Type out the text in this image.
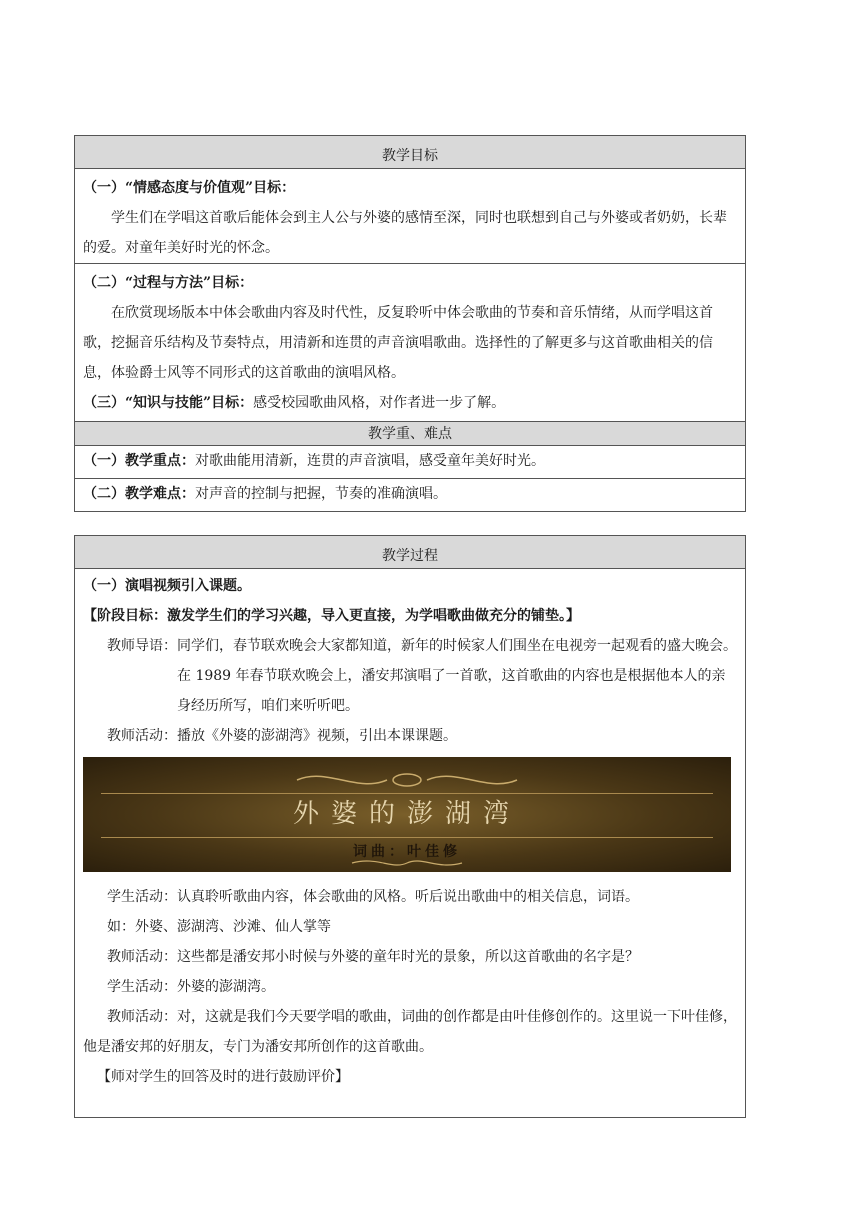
教学目标

（一）“情感态度与价值观”目标：

学生们在学唱这首歌后能体会到主人公与外婆的感情至深，同时也联想到自己与外婆或者奶奶，长辈的爱。对童年美好时光的怀念。

（二）“过程与方法”目标：

在欣赏现场版本中体会歌曲内容及时代性，反复聆听中体会歌曲的节奏和音乐情绪，从而学唱这首歌，挖掘音乐结构及节奏特点，用清新和连贯的声音演唱歌曲。选择性的了解更多与这首歌曲相关的信息，体验爵士风等不同形式的这首歌曲的演唱风格。

（三）“知识与技能”目标：感受校园歌曲风格，对作者进一步了解。

教学重、难点

（一）教学重点：对歌曲能用清新，连贯的声音演唱，感受童年美好时光。

（二）教学难点：对声音的控制与把握，节奏的准确演唱。

教学过程

（一）演唱视频引入课题。

【阶段目标：激发学生们的学习兴趣，导入更直接，为学唱歌曲做充分的铺垫。】

教师导语： 同学们，春节联欢晚会大家都知道，新年的时候家人们围坐在电视旁一起观看的盛大晚会。在 1989 年春节联欢晚会上，潘安邦演唱了一首歌，这首歌曲的内容也是根据他本人的亲身经历所写，咱们来听听吧。

教师活动：播放《外婆的澎湖湾》视频，引出本课课题。

外婆的澎湖湾
词曲：叶佳修

学生活动：认真聆听歌曲内容，体会歌曲的风格。听后说出歌曲中的相关信息，词语。

如：外婆、澎湖湾、沙滩、仙人掌等

教师活动：这些都是潘安邦小时候与外婆的童年时光的景象，所以这首歌曲的名字是？

学生活动：外婆的澎湖湾。

教师活动：对，这就是我们今天要学唱的歌曲，词曲的创作都是由叶佳修创作的。这里说一下叶佳修，他是潘安邦的好朋友，专门为潘安邦所创作的这首歌曲。

【师对学生的回答及时的进行鼓励评价】
